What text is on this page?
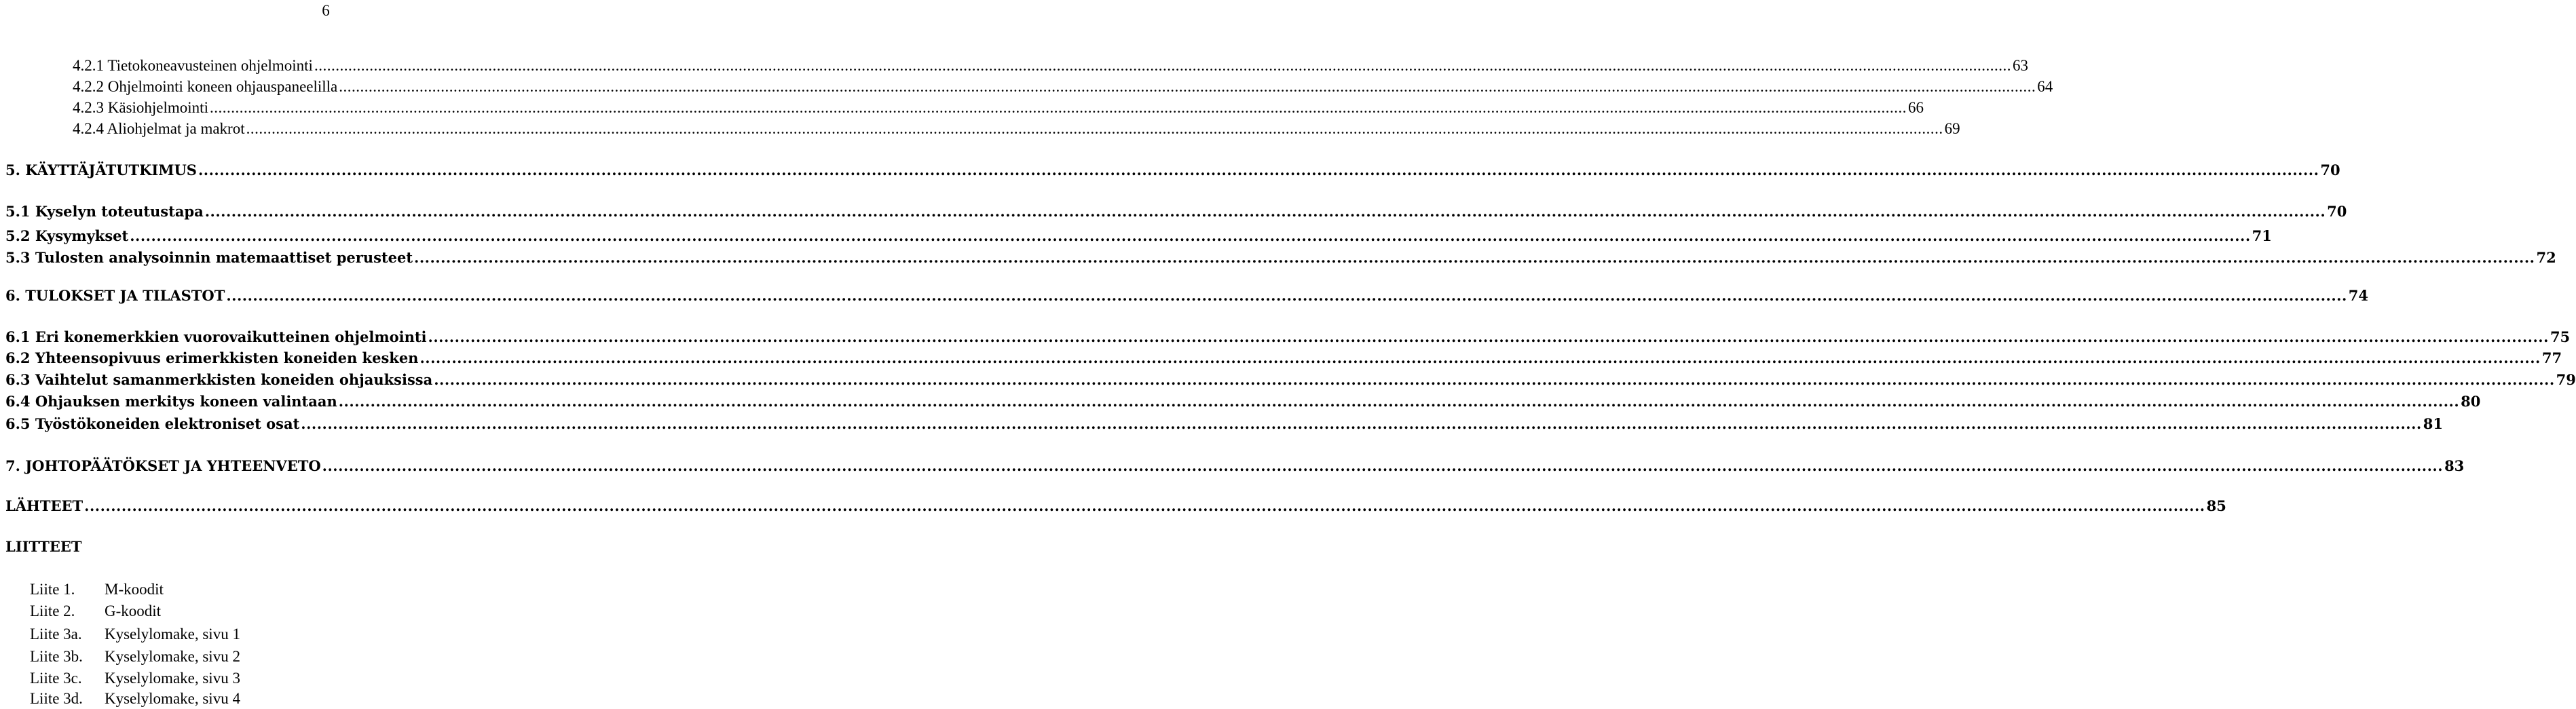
6
4.2.1 Tietokoneavusteinen ohjelmointi ................................................................................................................................................................................................................................................................................................................................................................................................................ 63
4.2.2 Ohjelmointi koneen ohjauspaneelilla ................................................................................................................................................................................................................................................................................................................................................................................................................ 64
4.2.3 Käsiohjelmointi ................................................................................................................................................................................................................................................................................................................................................................................................................ 66
4.2.4 Aliohjelmat ja makrot ................................................................................................................................................................................................................................................................................................................................................................................................................ 69
5. KÄYTTÄJÄTUTKIMUS ................................................................................................................................................................................................................................................................................................................................................................................................................ 70
5.1 Kyselyn toteutustapa ................................................................................................................................................................................................................................................................................................................................................................................................................ 70
5.2 Kysymykset ................................................................................................................................................................................................................................................................................................................................................................................................................ 71
5.3 Tulosten analysoinnin matemaattiset perusteet ................................................................................................................................................................................................................................................................................................................................................................................................................ 72
6. TULOKSET JA TILASTOT ................................................................................................................................................................................................................................................................................................................................................................................................................ 74
6.1 Eri konemerkkien vuorovaikutteinen ohjelmointi ................................................................................................................................................................................................................................................................................................................................................................................................................ 75
6.2 Yhteensopivuus erimerkkisten koneiden kesken ................................................................................................................................................................................................................................................................................................................................................................................................................ 77
6.3 Vaihtelut samanmerkkisten koneiden ohjauksissa ................................................................................................................................................................................................................................................................................................................................................................................................................ 79
6.4 Ohjauksen merkitys koneen valintaan ................................................................................................................................................................................................................................................................................................................................................................................................................ 80
6.5 Työstökoneiden elektroniset osat ................................................................................................................................................................................................................................................................................................................................................................................................................ 81
7. JOHTOPÄÄTÖKSET JA YHTEENVETO ................................................................................................................................................................................................................................................................................................................................................................................................................ 83
LÄHTEET ................................................................................................................................................................................................................................................................................................................................................................................................................ 85
LIITTEET
Liite 1. M-koodit
Liite 2. G-koodit
Liite 3a. Kyselylomake, sivu 1
Liite 3b. Kyselylomake, sivu 2
Liite 3c. Kyselylomake, sivu 3
Liite 3d. Kyselylomake, sivu 4
